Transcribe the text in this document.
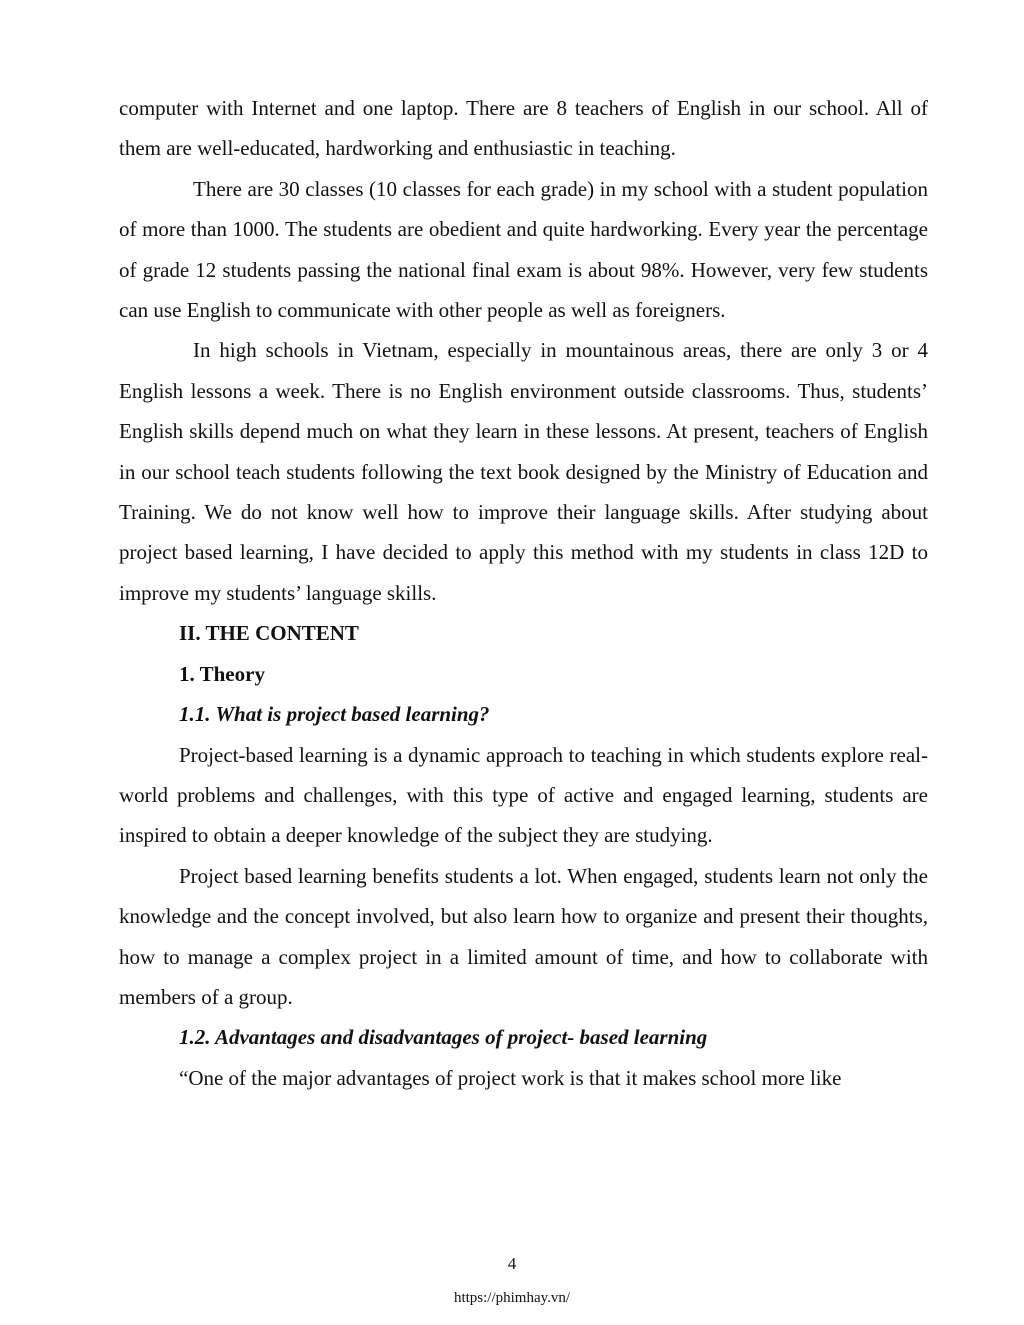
computer with Internet and one laptop. There are 8 teachers of English in our school. All of them are well-educated, hardworking and enthusiastic in teaching.

There are 30 classes (10 classes for each grade) in my school with a student population of more than 1000. The students are obedient and quite hardworking. Every year the percentage of grade 12 students passing the national final exam is about 98%. However, very few students can use English to communicate with other people as well as foreigners.

In high schools in Vietnam, especially in mountainous areas, there are only 3 or 4 English lessons a week. There is no English environment outside classrooms. Thus, students’ English skills depend much on what they learn in these lessons. At present, teachers of English in our school teach students following the text book designed by the Ministry of Education and Training. We do not know well how to improve their language skills. After studying about project based learning, I have decided to apply this method with my students in class 12D to improve my students’ language skills.

II. THE CONTENT

1. Theory

1.1. What is project based learning?

Project-based learning is a dynamic approach to teaching in which students explore real-world problems and challenges, with this type of active and engaged learning, students are inspired to obtain a deeper knowledge of the subject they are studying.

Project based learning benefits students a lot. When engaged, students learn not only the knowledge and the concept involved, but also learn how to organize and present their thoughts, how to manage a complex project in a limited amount of time, and how to collaborate with members of a group.

1.2. Advantages and disadvantages of project- based learning

“One of the major advantages of project work is that it makes school more like

4
https://phimhay.vn/
